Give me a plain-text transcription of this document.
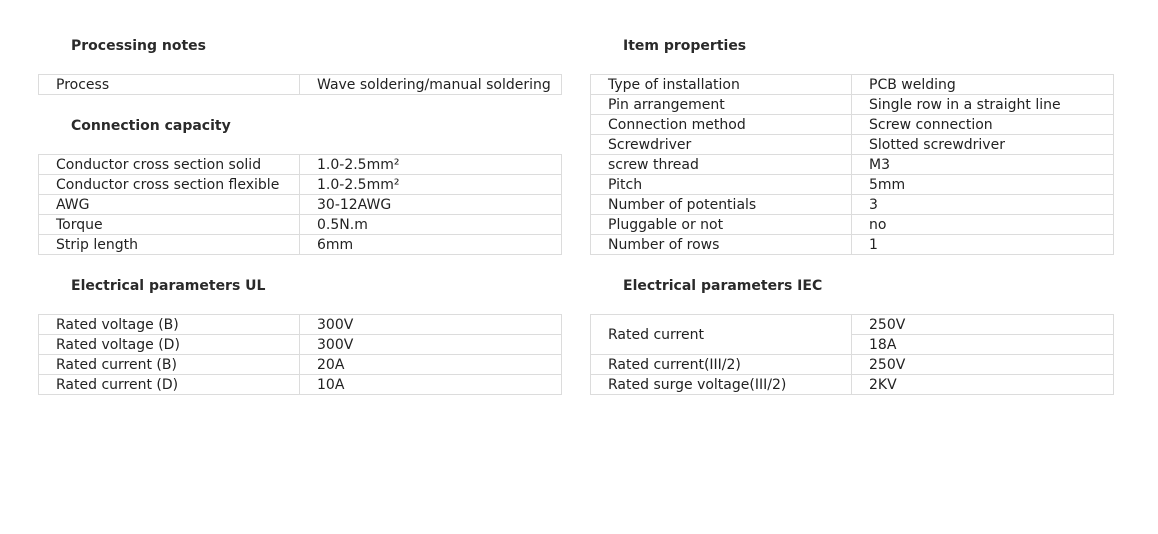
Processing notes
Process	Wave soldering/manual soldering
Connection capacity
Conductor cross section solid	1.0-2.5mm²
Conductor cross section flexible	1.0-2.5mm²
AWG	30-12AWG
Torque	0.5N.m
Strip length	6mm
Electrical parameters UL
Rated voltage (B)	300V
Rated voltage (D)	300V
Rated current (B)	20A
Rated current (D)	10A
Item properties
Type of installation	PCB welding
Pin arrangement	Single row in a straight line
Connection method	Screw connection
Screwdriver	Slotted screwdriver
screw thread	M3
Pitch	5mm
Number of potentials	3
Pluggable or not	no
Number of rows	1
Electrical parameters IEC
Rated current	250V
	18A
Rated current(III/2)	250V
Rated surge voltage(III/2)	2KV
